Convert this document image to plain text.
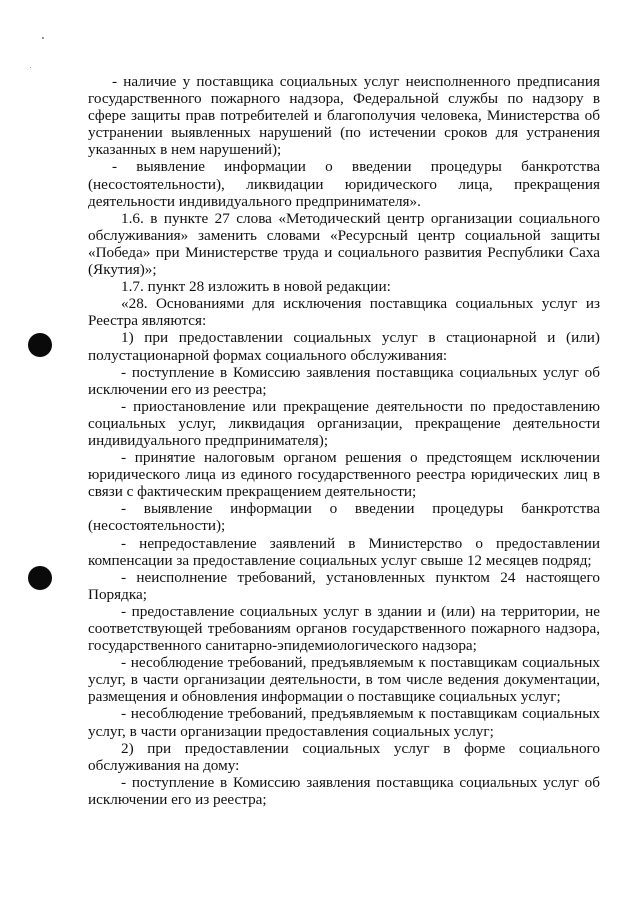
- наличие у поставщика социальных услуг неисполненного предписания государственного пожарного надзора, Федеральной службы по надзору в сфере защиты прав потребителей и благополучия человека, Министерства об устранении выявленных нарушений (по истечении сроков для устранения указанных в нем нарушений);

- выявление информации о введении процедуры банкротства (несостоятельности), ликвидации юридического лица, прекращения деятельности индивидуального предпринимателя».

1.6. в пункте 27 слова «Методический центр организации социального обслуживания» заменить словами «Ресурсный центр социальной защиты «Победа» при Министерстве труда и социального развития Республики Саха (Якутия)»;

1.7. пункт 28 изложить в новой редакции:

«28. Основаниями для исключения поставщика социальных услуг из Реестра являются:

1) при предоставлении социальных услуг в стационарной и (или) полустационарной формах социального обслуживания:

- поступление в Комиссию заявления поставщика социальных услуг об исключении его из реестра;

- приостановление или прекращение деятельности по предоставлению социальных услуг, ликвидация организации, прекращение деятельности индивидуального предпринимателя);

- принятие налоговым органом решения о предстоящем исключении юридического лица из единого государственного реестра юридических лиц в связи с фактическим прекращением деятельности;

- выявление информации о введении процедуры банкротства (несостоятельности);

- непредоставление заявлений в Министерство о предоставлении компенсации за предоставление социальных услуг свыше 12 месяцев подряд;

- неисполнение требований, установленных пунктом 24 настоящего Порядка;

- предоставление социальных услуг в здании и (или) на территории, не соответствующей требованиям органов государственного пожарного надзора, государственного санитарно-эпидемиологического надзора;

- несоблюдение требований, предъявляемым к поставщикам социальных услуг, в части организации деятельности, в том числе ведения документации, размещения и обновления информации о поставщике социальных услуг;

- несоблюдение требований, предъявляемым к поставщикам социальных услуг, в части организации предоставления социальных услуг;

2) при предоставлении социальных услуг в форме социального обслуживания на дому:

- поступление в Комиссию заявления поставщика социальных услуг об исключении его из реестра;
